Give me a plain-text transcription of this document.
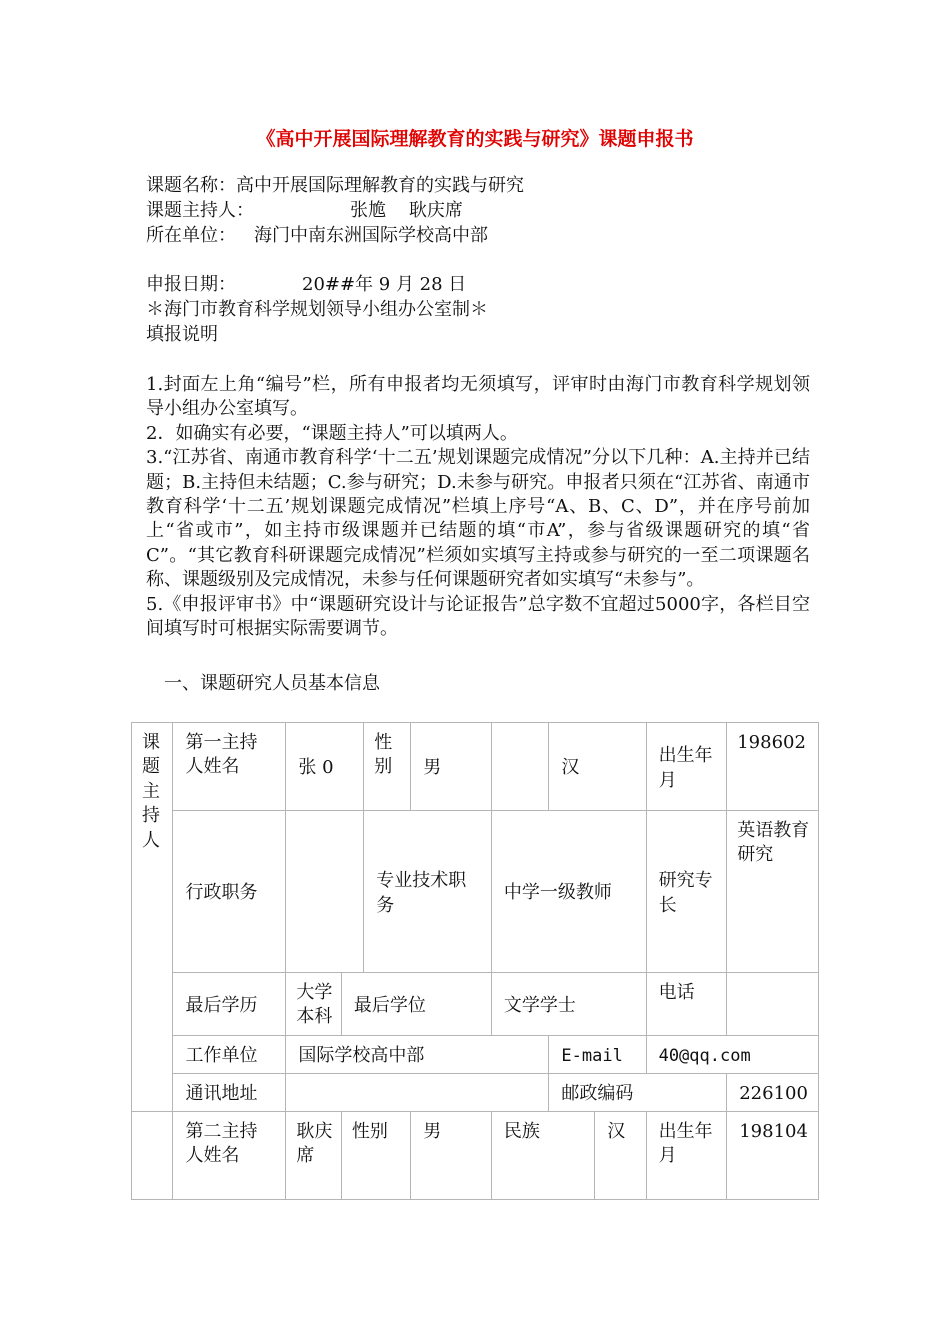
《高中开展国际理解教育的实践与研究》课题申报书
课题名称：高中开展国际理解教育的实践与研究
课题主持人：	张尯    耿庆席
所在单位： 海门中南东洲国际学校高中部
申报日期：	20##年 9 月 28 日
＊海门市教育科学规划领导小组办公室制＊
填报说明

1.封面左上角“编号”栏，所有申报者均无须填写，评审时由海门市教育科学规划领导小组办公室填写。

2．如确实有必要，“课题主持人”可以填两人。

3.“江苏省、南通市教育科学‘十二五’规划课题完成情况”分以下几种：A.主持并已结题；B.主持但未结题；C.参与研究；D.未参与研究。申报者只须在“江苏省、南通市教育科学‘十二五’规划课题完成情况”栏填上序号“A、B、C、D”，并在序号前加上“省或市”，如主持市级课题并已结题的填“市A”，参与省级课题研究的填“省C”。“其它教育科研课题完成情况”栏须如实填写主持或参与研究的一至二项课题名称、课题级别及完成情况，未参与任何课题研究者如实填写“未参与”。

5.《申报评审书》中“课题研究设计与论证报告”总字数不宜超过5000字，各栏目空间填写时可根据实际需要调节。

一、课题研究人员基本信息
课题主持人	第一主持人姓名	张 0		性别	男		汉		出生年月	198602
	行政职务			专业技术职务		中学一级教师			研究专长	英语教育研究
	最后学历	大学本科	最后学位			文学学士			电话	
	工作单位	国际学校高中部					E-mail		40@qq.com	
	通讯地址						邮政编码			226100
	第二主持人姓名	耿庆席	性别		男	民族		汉	出生年月	198104
